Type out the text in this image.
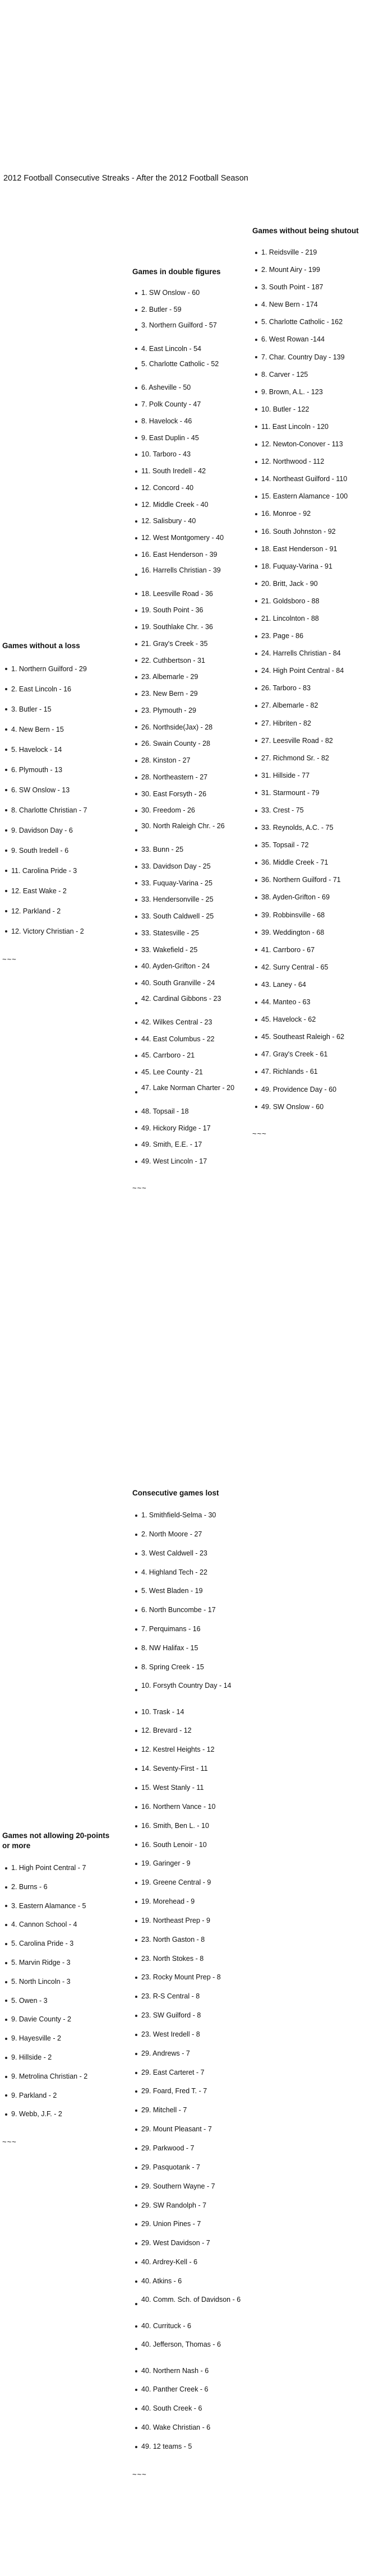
2012 Football Consecutive Streaks - After the 2012 Football Season
Games without a loss
1. Northern Guilford - 29
2. East Lincoln - 16
3. Butler - 15
4. New Bern - 15
5. Havelock - 14
6. Plymouth - 13
6. SW Onslow - 13
8. Charlotte Christian - 7
9. Davidson Day - 6
9. South Iredell - 6
11. Carolina Pride - 3
12. East Wake - 2
12. Parkland - 2
12. Victory Christian - 2
~~~
Games in double figures
1. SW Onslow - 60
2. Butler - 59
3. Northern Guilford - 57
4. East Lincoln - 54
5. Charlotte Catholic - 52
6. Asheville - 50
7. Polk County - 47
8. Havelock - 46
9. East Duplin - 45
10. Tarboro - 43
11. South Iredell - 42
12. Concord - 40
12. Middle Creek - 40
12. Salisbury - 40
12. West Montgomery - 40
16. East Henderson - 39
16. Harrells Christian - 39
18. Leesville Road - 36
19. South Point - 36
19. Southlake Chr. - 36
21. Gray's Creek - 35
22. Cuthbertson - 31
23. Albemarle - 29
23. New Bern - 29
23. Plymouth - 29
26. Northside(Jax) - 28
26. Swain County - 28
28. Kinston - 27
28. Northeastern - 27
30. East Forsyth - 26
30. Freedom - 26
30. North Raleigh Chr. - 26
33. Bunn - 25
33. Davidson Day - 25
33. Fuquay-Varina - 25
33. Hendersonville - 25
33. South Caldwell - 25
33. Statesville - 25
33. Wakefield - 25
40. Ayden-Grifton - 24
40. South Granville - 24
42. Cardinal Gibbons - 23
42. Wilkes Central - 23
44. East Columbus - 22
45. Carrboro - 21
45. Lee County - 21
47. Lake Norman Charter - 20
48. Topsail - 18
49. Hickory Ridge - 17
49. Smith, E.E. - 17
49. West Lincoln - 17
~~~
Games without being shutout
1. Reidsville - 219
2. Mount Airy - 199
3. South Point - 187
4. New Bern - 174
5. Charlotte Catholic - 162
6. West Rowan -144
7. Char. Country Day - 139
8. Carver - 125
9. Brown, A.L. - 123
10. Butler - 122
11. East Lincoln - 120
12. Newton-Conover - 113
12. Northwood - 112
14. Northeast Guilford - 110
15. Eastern Alamance - 100
16. Monroe - 92
16. South Johnston - 92
18. East Henderson - 91
18. Fuquay-Varina - 91
20. Britt, Jack - 90
21. Goldsboro - 88
21. Lincolnton - 88
23. Page - 86
24. Harrells Christian - 84
24. High Point Central - 84
26. Tarboro - 83
27. Albemarle - 82
27. Hibriten - 82
27. Leesville Road - 82
27. Richmond Sr. - 82
31. Hillside - 77
31. Starmount - 79
33. Crest - 75
33. Reynolds, A.C. - 75
35. Topsail - 72
36. Middle Creek - 71
36. Northern Guilford - 71
38. Ayden-Grifton - 69
39. Robbinsville - 68
39. Weddington - 68
41. Carrboro - 67
42. Surry Central - 65
43. Laney - 64
44. Manteo - 63
45. Havelock - 62
45. Southeast Raleigh - 62
47. Gray's Creek - 61
47. Richlands - 61
49. Providence Day - 60
49. SW Onslow - 60
~~~
Games not allowing 20-points or more
1. High Point Central - 7
2. Burns - 6
3. Eastern Alamance - 5
4. Cannon School - 4
5. Carolina Pride - 3
5. Marvin Ridge - 3
5. North Lincoln - 3
5. Owen - 3
9. Davie County - 2
9. Hayesville - 2
9. Hillside - 2
9. Metrolina Christian - 2
9. Parkland - 2
9. Webb, J.F. - 2
~~~
Consecutive games lost
1. Smithfield-Selma - 30
2. North Moore - 27
3. West Caldwell - 23
4. Highland Tech - 22
5. West Bladen - 19
6. North Buncombe - 17
7. Perquimans - 16
8. NW Halifax - 15
8. Spring Creek - 15
10. Forsyth Country Day - 14
10. Trask - 14
12. Brevard - 12
12. Kestrel Heights - 12
14. Seventy-First - 11
15. West Stanly - 11
16. Northern Vance - 10
16. Smith, Ben L. - 10
16. South Lenoir - 10
19. Garinger - 9
19. Greene Central - 9
19. Morehead - 9
19. Northeast Prep - 9
23. North Gaston - 8
23. North Stokes - 8
23. Rocky Mount Prep - 8
23. R-S Central - 8
23. SW Guilford - 8
23. West Iredell - 8
29. Andrews - 7
29. East Carteret - 7
29. Foard, Fred T. - 7
29. Mitchell - 7
29. Mount Pleasant - 7
29. Parkwood - 7
29. Pasquotank - 7
29. Southern Wayne - 7
29. SW Randolph - 7
29. Union Pines - 7
29. West Davidson - 7
40. Ardrey-Kell - 6
40. Atkins - 6
40. Comm. Sch. of Davidson - 6
40. Currituck - 6
40. Jefferson, Thomas - 6
40. Northern Nash - 6
40. Panther Creek - 6
40. South Creek - 6
40. Wake Christian - 6
49. 12 teams - 5
~~~
